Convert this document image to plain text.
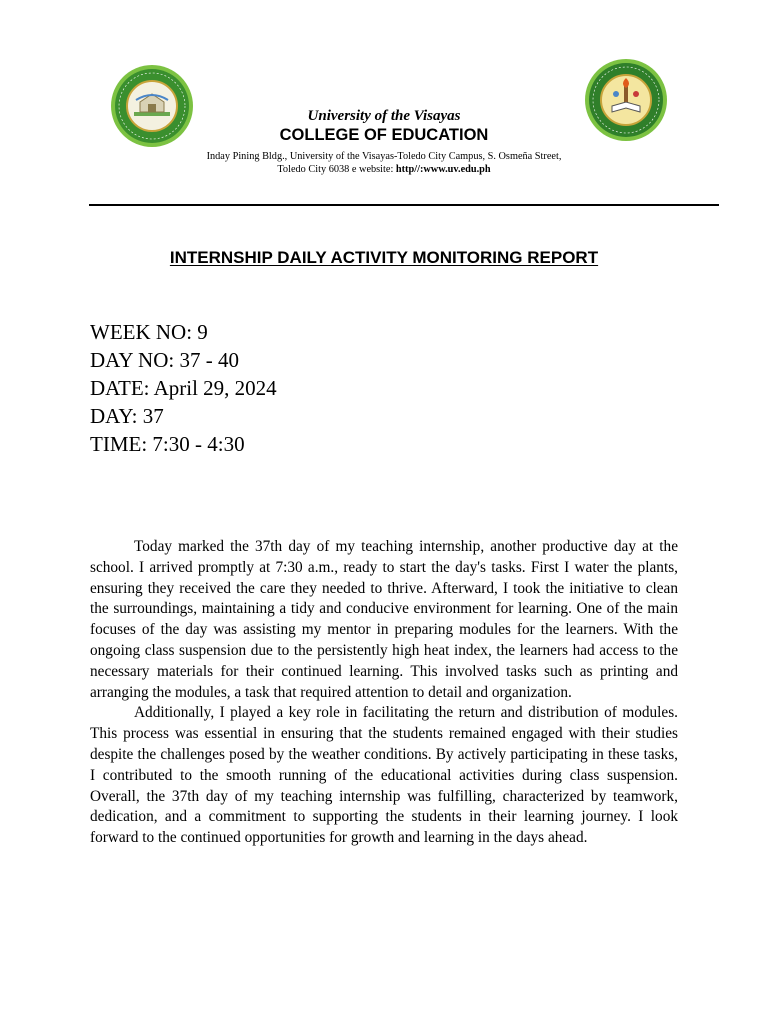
University of the Visayas
COLLEGE OF EDUCATION
Inday Pining Bldg., University of the Visayas-Toledo City Campus, S. Osmeña Street,
Toledo City 6038 e website: http//:www.uv.edu.ph
INTERNSHIP DAILY ACTIVITY MONITORING REPORT
WEEK NO: 9
DAY NO: 37 - 40
DATE: April 29, 2024
DAY: 37
TIME: 7:30 - 4:30

Today marked the 37th day of my teaching internship, another productive day at the school. I arrived promptly at 7:30 a.m., ready to start the day's tasks. First I water the plants, ensuring they received the care they needed to thrive. Afterward, I took the initiative to clean the surroundings, maintaining a tidy and conducive environment for learning. One of the main focuses of the day was assisting my mentor in preparing modules for the learners. With the ongoing class suspension due to the persistently high heat index, the learners had access to the necessary materials for their continued learning. This involved tasks such as printing and arranging the modules, a task that required attention to detail and organization.

Additionally, I played a key role in facilitating the return and distribution of modules. This process was essential in ensuring that the students remained engaged with their studies despite the challenges posed by the weather conditions. By actively participating in these tasks, I contributed to the smooth running of the educational activities during class suspension. Overall, the 37th day of my teaching internship was fulfilling, characterized by teamwork, dedication, and a commitment to supporting the students in their learning journey. I look forward to the continued opportunities for growth and learning in the days ahead.
